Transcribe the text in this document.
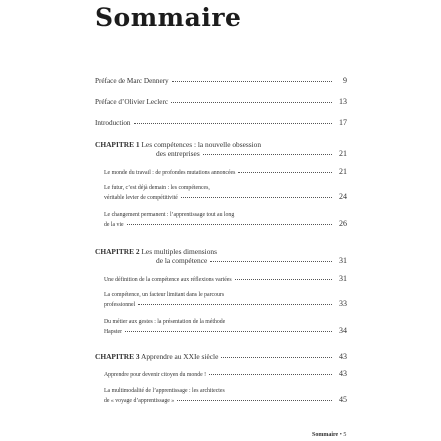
Sommaire
Préface de Marc Dennery	9
Préface d’Olivier Leclerc	13
Introduction	17
CHAPITRE 1 Les compétences : la nouvelle obsession
des entreprises	21
Le monde du travail : de profondes mutations annoncées	21
Le futur, c’est déjà demain : les compétences,
véritable levier de compétitivité	24
Le changement permanent : l’apprentissage tout au long
de la vie	26
CHAPITRE 2 Les multiples dimensions
de la compétence	31
Une définition de la compétence aux réflexions variées	31
La compétence, un facteur limitant dans le parcours
professionnel	33
Du métier aux gestes : la présentation de la méthode
Hapster	34
CHAPITRE 3 Apprendre au XXIe siècle	43
Apprendre pour devenir citoyen du monde !	43
La multimodalité de l’apprentissage : les architectes
de « voyage d’apprentissage »	45
Sommaire • 5
